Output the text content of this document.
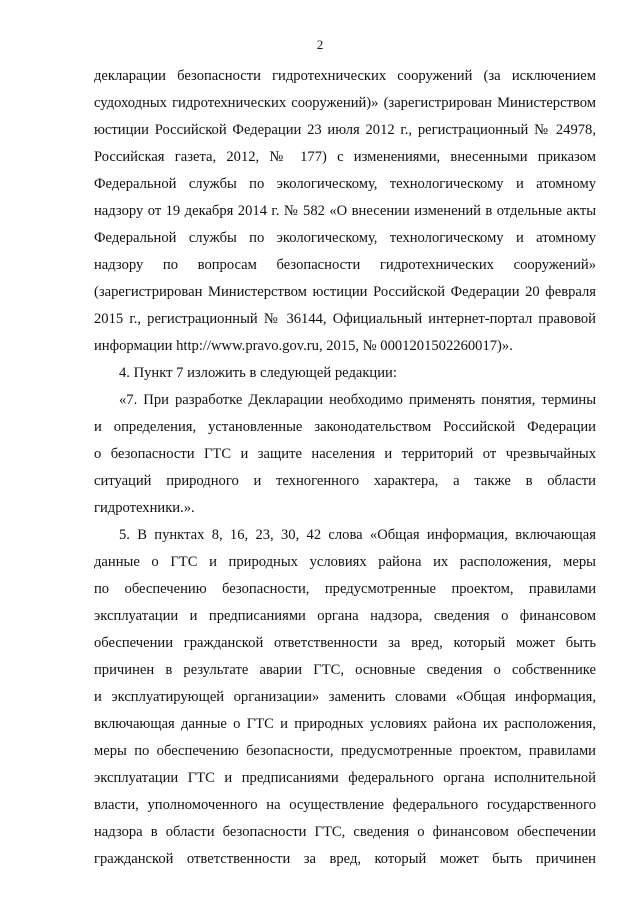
2
декларации безопасности гидротехнических сооружений (за исключением
судоходных гидротехнических сооружений)» (зарегистрирован Министерством
юстиции Российской Федерации 23 июля 2012 г., регистрационный № 24978,
Российская газета, 2012, № 177) с изменениями, внесенными приказом
Федеральной службы по экологическому, технологическому и атомному
надзору от 19 декабря 2014 г. № 582 «О внесении изменений в отдельные акты
Федеральной службы по экологическому, технологическому и атомному
надзору по вопросам безопасности гидротехнических сооружений»
(зарегистрирован Министерством юстиции Российской Федерации 20 февраля
2015 г., регистрационный № 36144, Официальный интернет-портал правовой
информации http://www.pravo.gov.ru, 2015, № 0001201502260017)».
4. Пункт 7 изложить в следующей редакции:
«7. При разработке Декларации необходимо применять понятия, термины
и определения, установленные законодательством Российской Федерации
о безопасности ГТС и защите населения и территорий от чрезвычайных
ситуаций природного и техногенного характера, а также в области
гидротехники.».
5. В пунктах 8, 16, 23, 30, 42 слова «Общая информация, включающая
данные о ГТС и природных условиях района их расположения, меры
по обеспечению безопасности, предусмотренные проектом, правилами
эксплуатации и предписаниями органа надзора, сведения о финансовом
обеспечении гражданской ответственности за вред, который может быть
причинен в результате аварии ГТС, основные сведения о собственнике
и эксплуатирующей организации» заменить словами «Общая информация,
включающая данные о ГТС и природных условиях района их расположения,
меры по обеспечению безопасности, предусмотренные проектом, правилами
эксплуатации ГТС и предписаниями федерального органа исполнительной
власти, уполномоченного на осуществление федерального государственного
надзора в области безопасности ГТС, сведения о финансовом обеспечении
гражданской ответственности за вред, который может быть причинен
